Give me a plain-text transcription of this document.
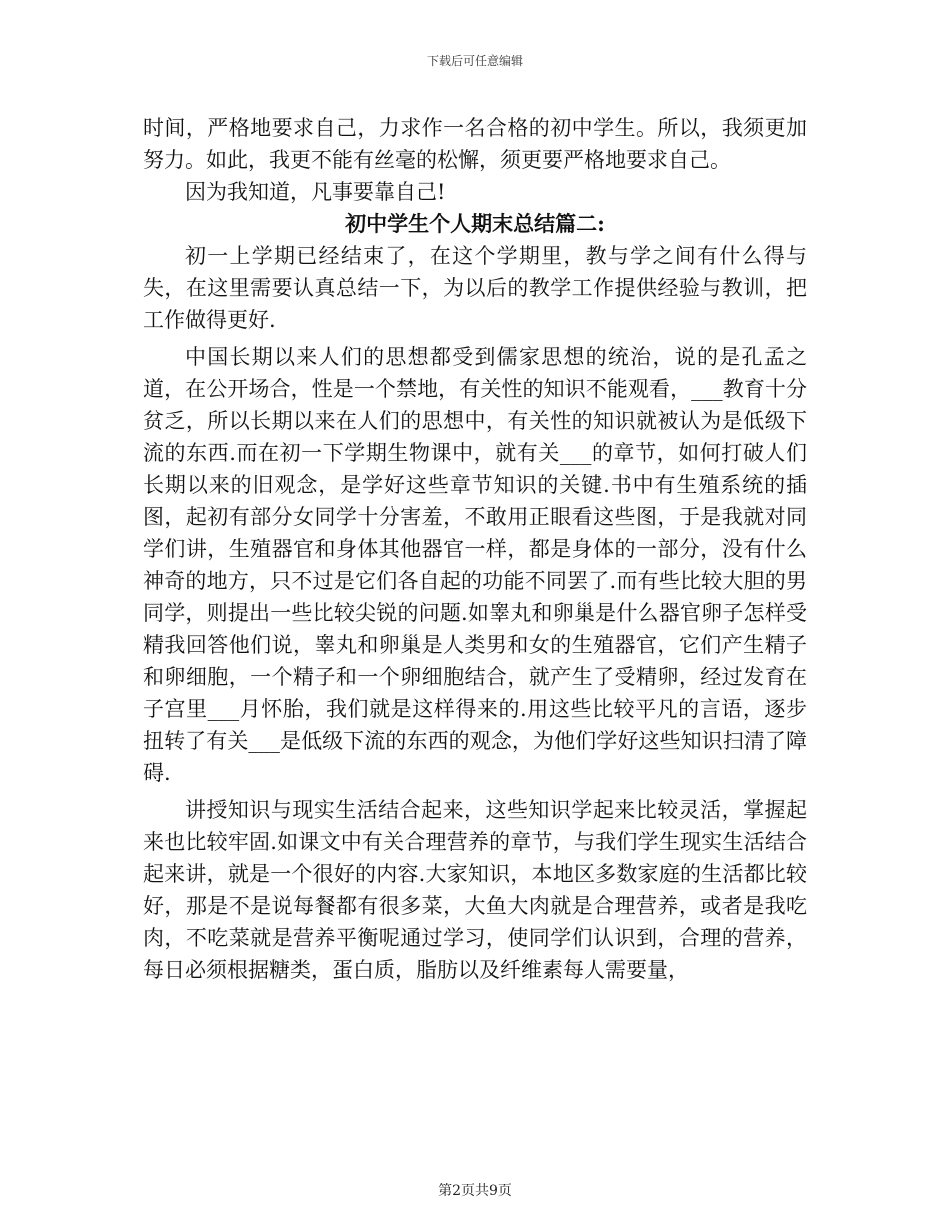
下载后可任意编辑

时间，严格地要求自己，力求作一名合格的初中学生。所以，我须更加努力。如此，我更不能有丝毫的松懈，须更要严格地要求自己。

因为我知道，凡事要靠自己!

初中学生个人期末总结篇二:

初一上学期已经结束了，在这个学期里，教与学之间有什么得与失，在这里需要认真总结一下，为以后的教学工作提供经验与教训，把工作做得更好.

中国长期以来人们的思想都受到儒家思想的统治，说的是孔孟之道，在公开场合，性是一个禁地，有关性的知识不能观看，___教育十分贫乏，所以长期以来在人们的思想中，有关性的知识就被认为是低级下流的东西.而在初一下学期生物课中，就有关___的章节，如何打破人们长期以来的旧观念，是学好这些章节知识的关键.书中有生殖系统的插图，起初有部分女同学十分害羞，不敢用正眼看这些图，于是我就对同学们讲，生殖器官和身体其他器官一样，都是身体的一部分，没有什么神奇的地方，只不过是它们各自起的功能不同罢了.而有些比较大胆的男同学，则提出一些比较尖锐的问题.如睾丸和卵巢是什么器官卵子怎样受精我回答他们说，睾丸和卵巢是人类男和女的生殖器官，它们产生精子和卵细胞，一个精子和一个卵细胞结合，就产生了受精卵，经过发育在子宫里___月怀胎，我们就是这样得来的.用这些比较平凡的言语，逐步扭转了有关___是低级下流的东西的观念，为他们学好这些知识扫清了障碍.

讲授知识与现实生活结合起来，这些知识学起来比较灵活，掌握起来也比较牢固.如课文中有关合理营养的章节，与我们学生现实生活结合起来讲，就是一个很好的内容.大家知识，本地区多数家庭的生活都比较好，那是不是说每餐都有很多菜，大鱼大肉就是合理营养，或者是我吃肉，不吃菜就是营养平衡呢通过学习，使同学们认识到，合理的营养，每日必须根据糖类，蛋白质，脂肪以及纤维素每人需要量，

第2页共9页
